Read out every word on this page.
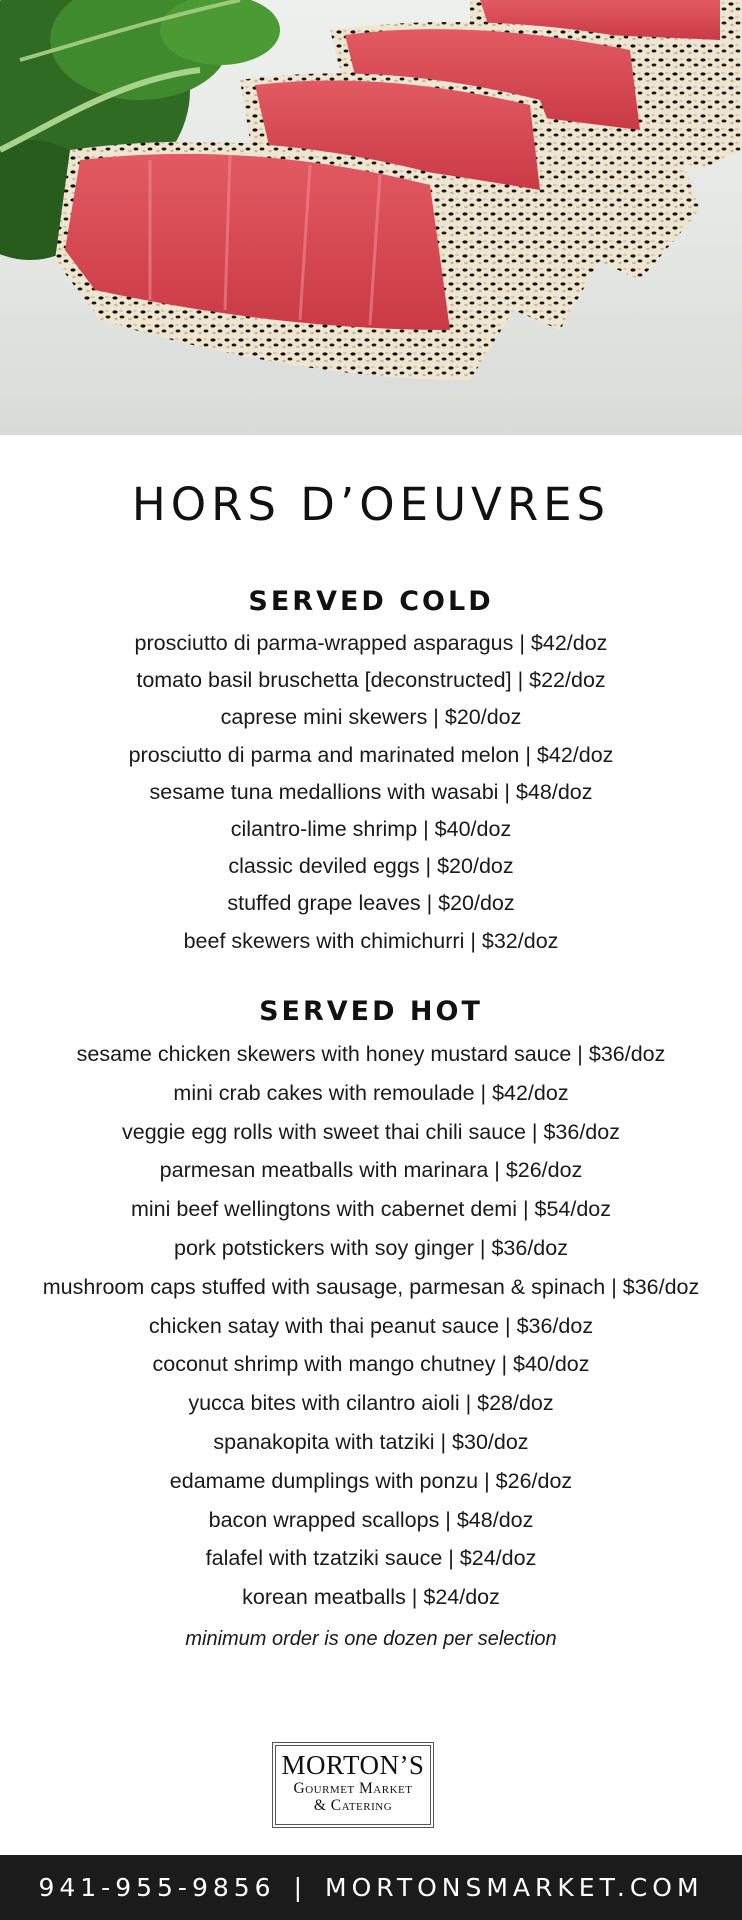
HORS D’OEUVRES
SERVED COLD
prosciutto di parma-wrapped asparagus | $42/doz
tomato basil bruschetta [deconstructed] | $22/doz
caprese mini skewers | $20/doz
prosciutto di parma and marinated melon | $42/doz
sesame tuna medallions with wasabi | $48/doz
cilantro-lime shrimp | $40/doz
classic deviled eggs | $20/doz
stuffed grape leaves | $20/doz
beef skewers with chimichurri | $32/doz
SERVED HOT
sesame chicken skewers with honey mustard sauce | $36/doz
mini crab cakes with remoulade | $42/doz
veggie egg rolls with sweet thai chili sauce | $36/doz
parmesan meatballs with marinara | $26/doz
mini beef wellingtons with cabernet demi | $54/doz
pork potstickers with soy ginger | $36/doz
mushroom caps stuffed with sausage, parmesan & spinach | $36/doz
chicken satay with thai peanut sauce | $36/doz
coconut shrimp with mango chutney | $40/doz
yucca bites with cilantro aioli | $28/doz
spanakopita with tatziki | $30/doz
edamame dumplings with ponzu | $26/doz
bacon wrapped scallops | $48/doz
falafel with tzatziki sauce | $24/doz
korean meatballs | $24/doz
minimum order is one dozen per selection
MORTON’S
Gourmet Market
& Catering
941-955-9856 | MORTONSMARKET.COM
